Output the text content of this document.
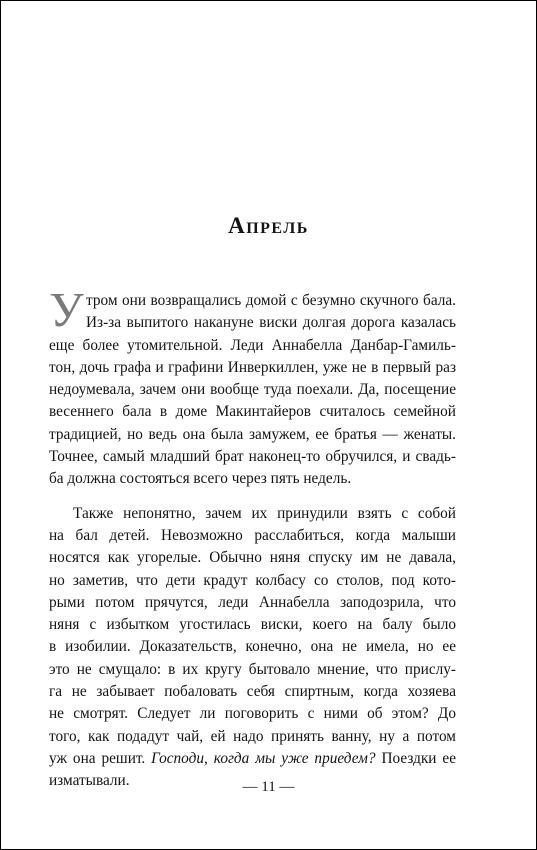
Апрель
У тром они возвращались домой с безумно скучного бала.
Из-за выпитого накануне виски долгая дорога казалась
еще более утомительной. Леди Аннабелла Данбар-Гамиль-
тон, дочь графа и графини Инверкиллен, уже не в первый раз
недоумевала, зачем они вообще туда поехали. Да, посещение
весеннего бала в доме Макинтайеров считалось семейной
традицией, но ведь она была замужем, ее братья — женаты.
Точнее, самый младший брат наконец-то обручился, и свадь-
ба должна состояться всего через пять недель.
Также непонятно, зачем их принудили взять с собой
на бал детей. Невозможно расслабиться, когда малыши
носятся как угорелые. Обычно няня спуску им не давала,
но заметив, что дети крадут колбасу со столов, под кото-
рыми потом прячутся, леди Аннабелла заподозрила, что
няня с избытком угостилась виски, коего на балу было
в изобилии. Доказательств, конечно, она не имела, но ее
это не смущало: в их кругу бытовало мнение, что прислу-
га не забывает побаловать себя спиртным, когда хозяева
не смотрят. Следует ли поговорить с ними об этом? До
того, как подадут чай, ей надо принять ванну, ну а потом
уж она решит. Господи, когда мы уже приедем? Поездки ее
изматывали.	— 11 —
